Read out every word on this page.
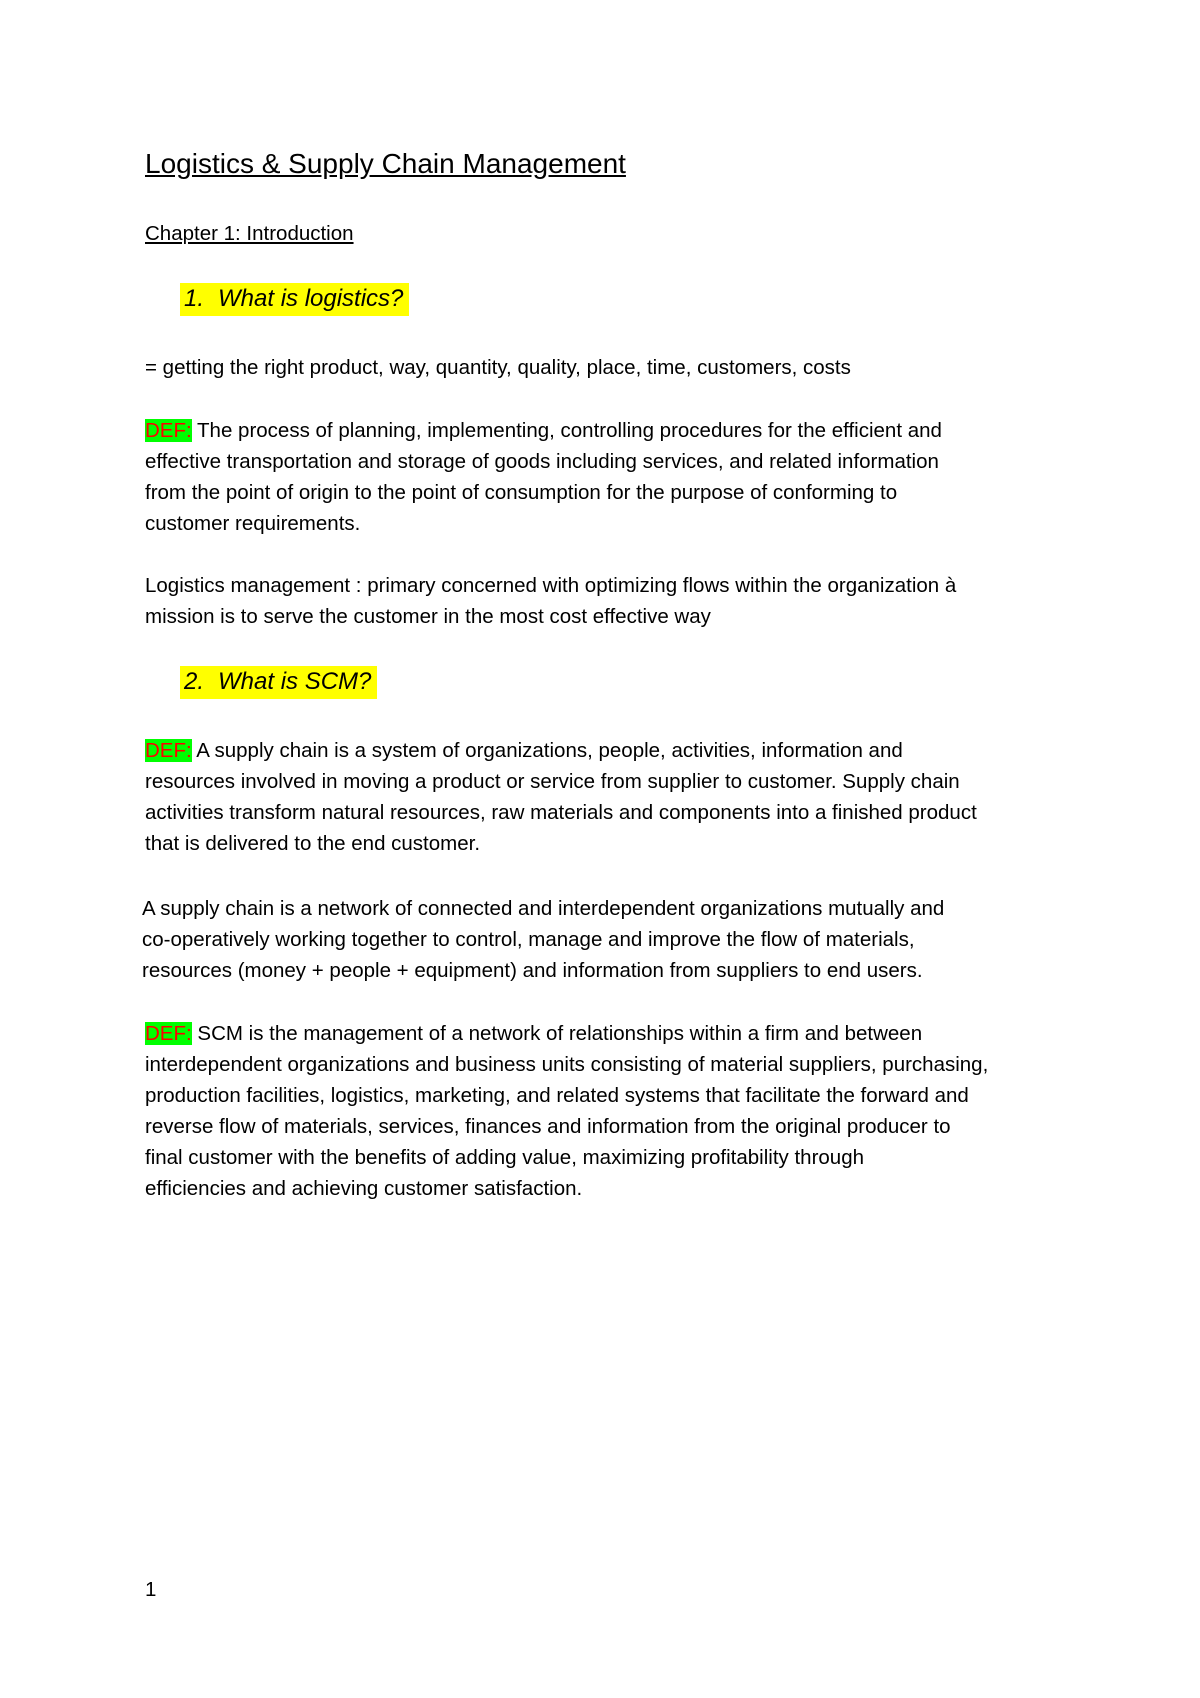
Logistics & Supply Chain Management
Chapter 1: Introduction
1. What is logistics?
= getting the right product, way, quantity, quality, place, time, customers, costs
DEF: The process of planning, implementing, controlling procedures for the efficient and
effective transportation and storage of goods including services, and related information
from the point of origin to the point of consumption for the purpose of conforming to
customer requirements.
Logistics management : primary concerned with optimizing flows within the organization à
mission is to serve the customer in the most cost effective way
2. What is SCM?
DEF: A supply chain is a system of organizations, people, activities, information and
resources involved in moving a product or service from supplier to customer. Supply chain
activities transform natural resources, raw materials and components into a finished product
that is delivered to the end customer.
A supply chain is a network of connected and interdependent organizations mutually and
co-operatively working together to control, manage and improve the flow of materials,
resources (money + people + equipment) and information from suppliers to end users.
DEF: SCM is the management of a network of relationships within a firm and between
interdependent organizations and business units consisting of material suppliers, purchasing,
production facilities, logistics, marketing, and related systems that facilitate the forward and
reverse flow of materials, services, finances and information from the original producer to
final customer with the benefits of adding value, maximizing profitability through
efficiencies and achieving customer satisfaction.
1
